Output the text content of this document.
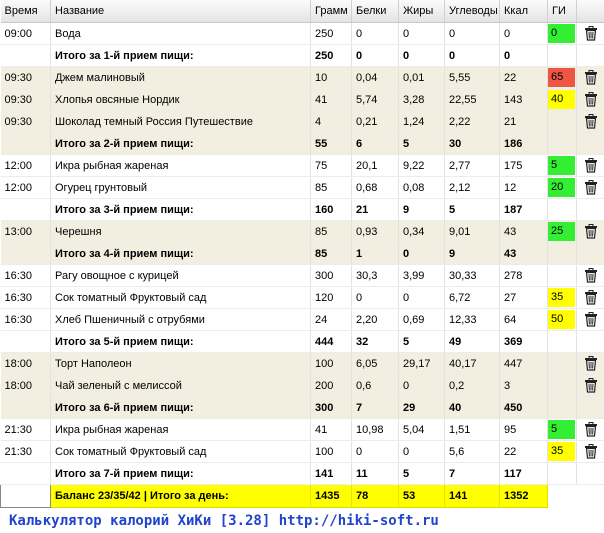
Время	Название	Грамм	Белки	Жиры	Углеводы	Ккал	ГИ	
09:00	Вода	250	0	0	0	0	0

	Итого за 1-й прием пищи:	250	0	0	0	0		
09:30	Джем малиновый	10	0,04	0,01	5,55	22	65

09:30	Хлопья овсяные Нордик	41	5,74	3,28	22,55	143	40

09:30	Шоколад темный Россия Путешествие	4	0,21	1,24	2,22	21		

	Итого за 2-й прием пищи:	55	6	5	30	186		
12:00	Икра рыбная жареная	75	20,1	9,22	2,77	175	5

12:00	Огурец грунтовый	85	0,68	0,08	2,12	12	20

	Итого за 3-й прием пищи:	160	21	9	5	187		
13:00	Черешня	85	0,93	0,34	9,01	43	25

	Итого за 4-й прием пищи:	85	1	0	9	43		
16:30	Рагу овощное с курицей	300	30,3	3,99	30,33	278		

16:30	Сок томатный Фруктовый сад	120	0	0	6,72	27	35

16:30	Хлеб Пшеничный с отрубями	24	2,20	0,69	12,33	64	50

	Итого за 5-й прием пищи:	444	32	5	49	369		
18:00	Торт Наполеон	100	6,05	29,17	40,17	447		

18:00	Чай зеленый с мелиссой	200	0,6	0	0,2	3		

	Итого за 6-й прием пищи:	300	7	29	40	450		
21:30	Икра рыбная жареная	41	10,98	5,04	1,51	95	5

21:30	Сок томатный Фруктовый сад	100	0	0	5,6	22	35

	Итого за 7-й прием пищи:	141	11	5	7	117		
	Баланс 23/35/42 | Итого за день:	1435	78	53	141	1352		
Калькулятор калорий ХиКи [3.28] http://hiki-soft.ru
